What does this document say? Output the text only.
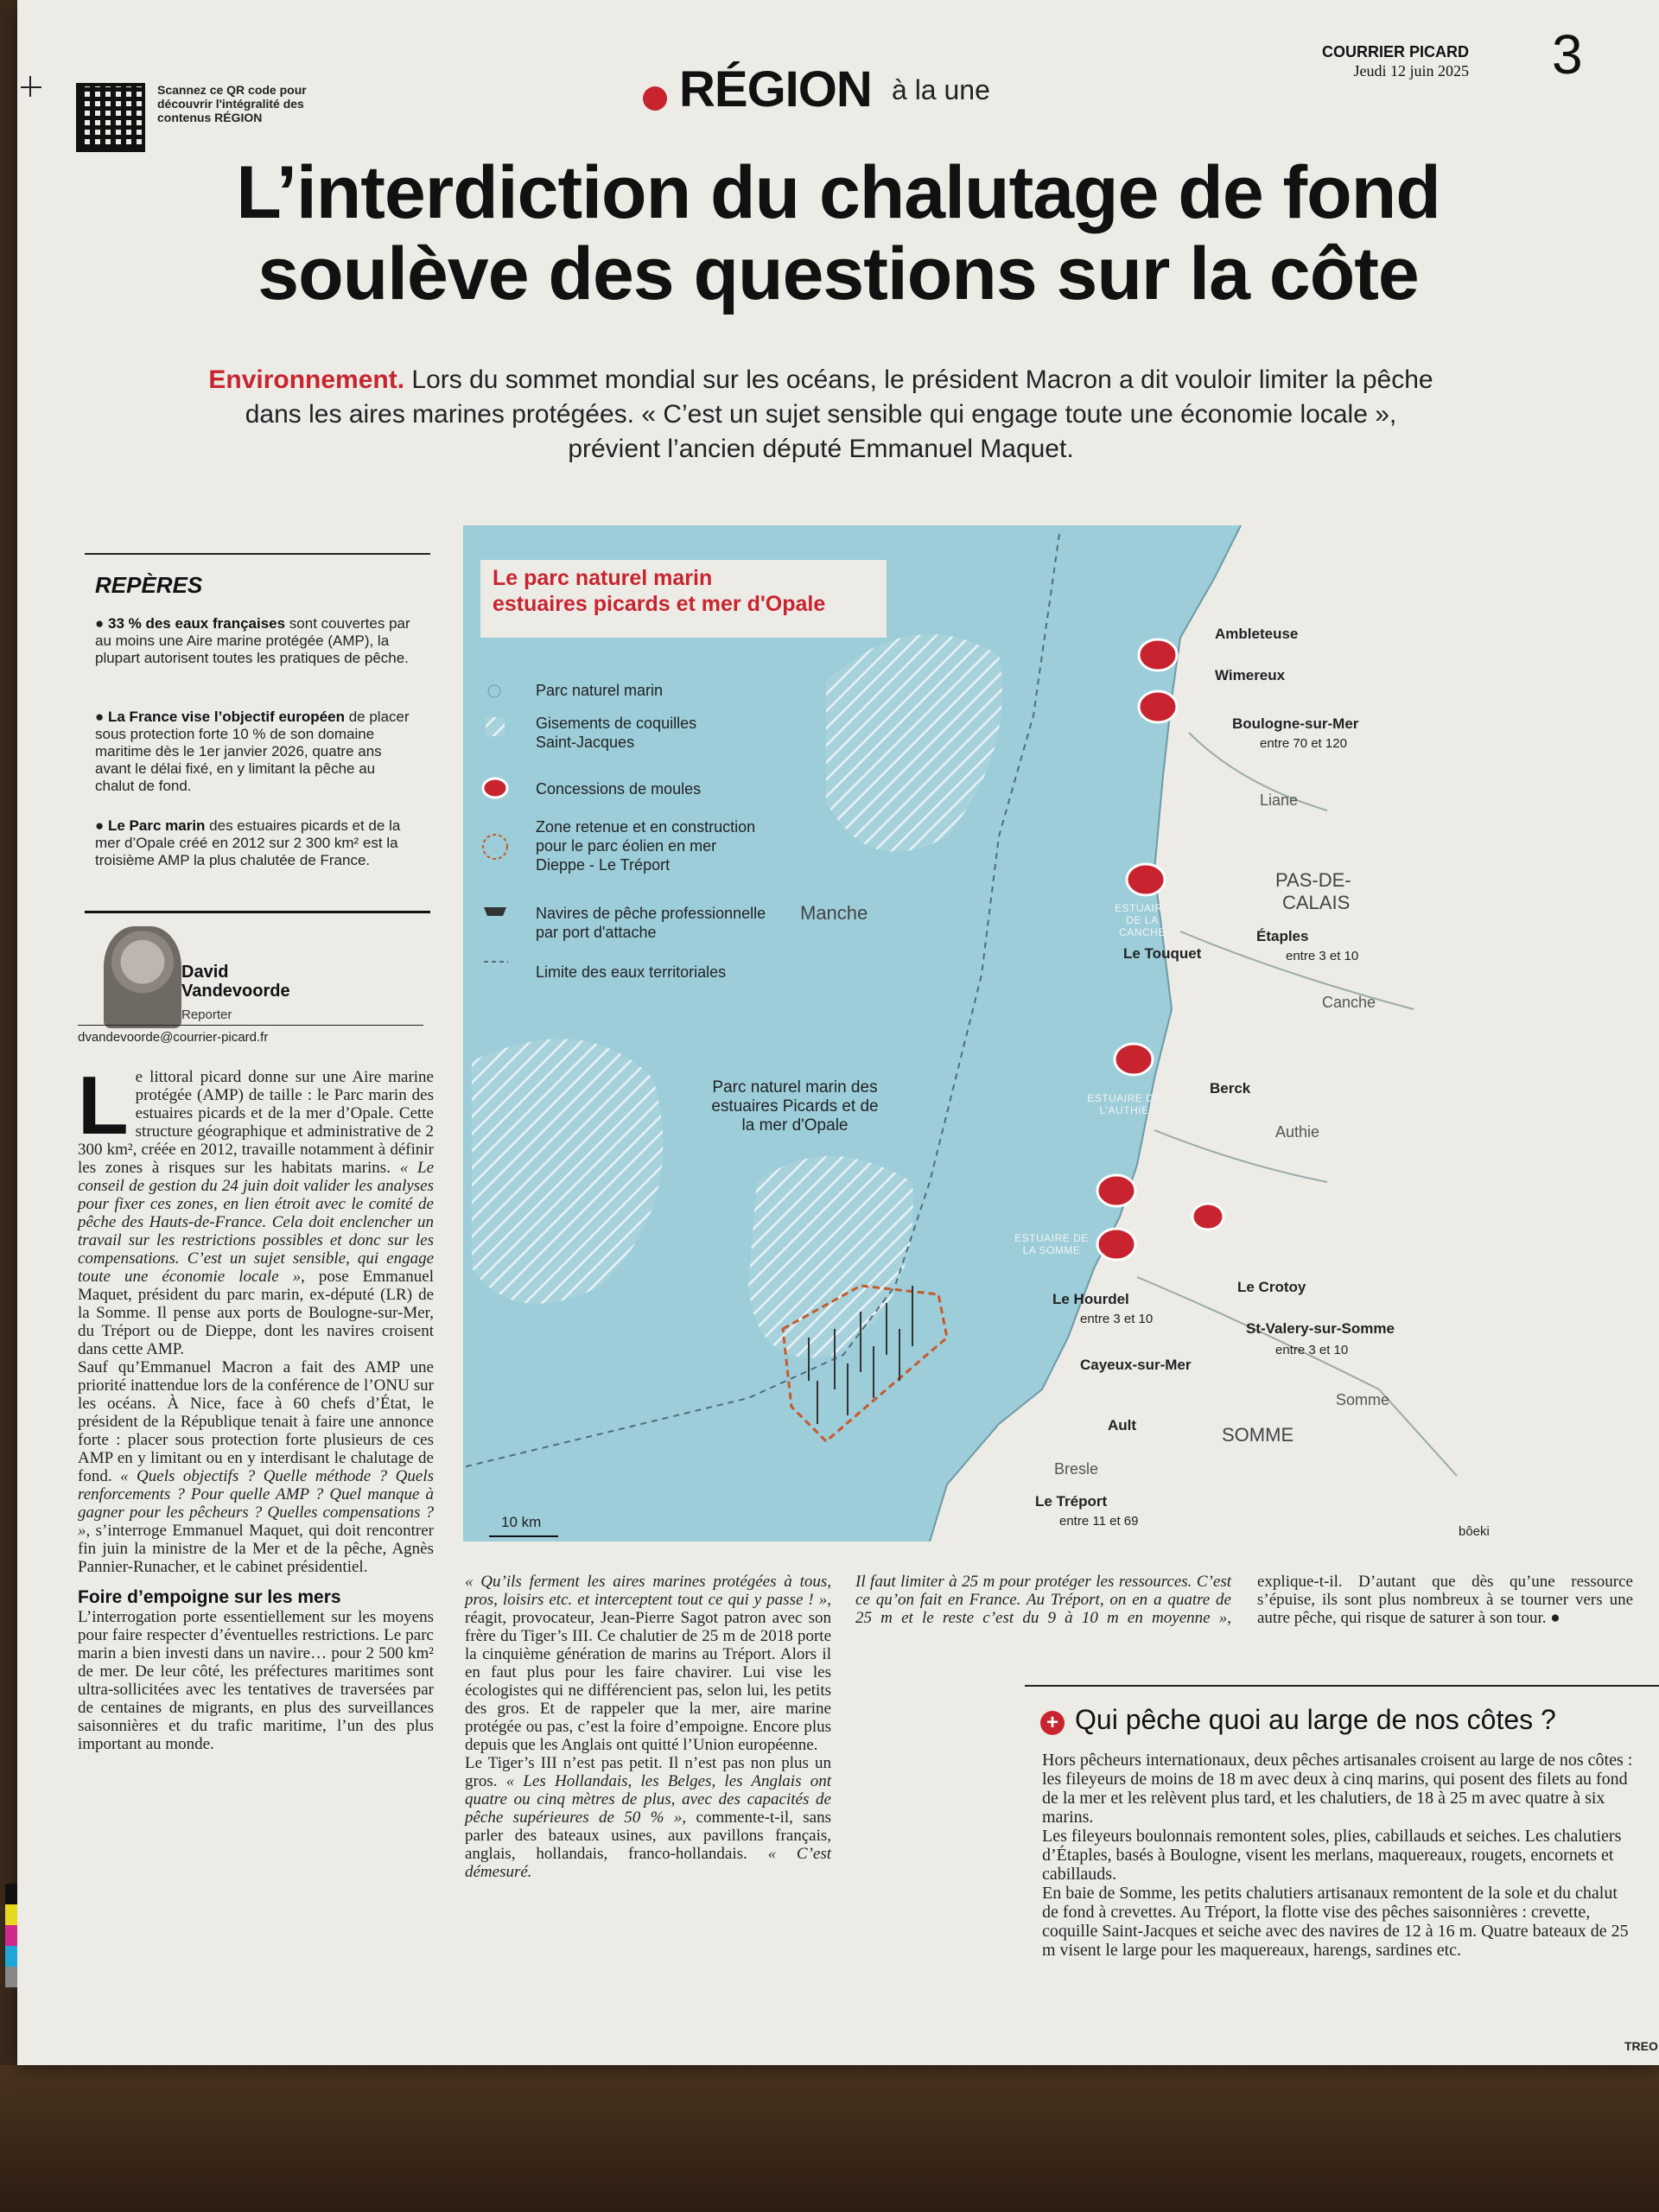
Scannez ce QR code pour découvrir l'intégralité des contenus RÉGION	RÉGION à la une
COURRIER PICARD
Jeudi 12 juin 2025 3
L’interdiction du chalutage de fond
soulève des questions sur la côte
Environnement. Lors du sommet mondial sur les océans, le président Macron a dit vouloir limiter la pêche dans les aires marines protégées. « C’est un sujet sensible qui engage toute une économie locale », prévient l’ancien député Emmanuel Maquet.
REPÈRES
● 33 % des eaux françaises sont couvertes par au moins une Aire marine protégée (AMP), la plupart autorisent toutes les pratiques de pêche.
● La France vise l’objectif européen de placer sous protection forte 10 % de son domaine maritime dès le 1er janvier 2026, quatre ans avant le délai fixé, en y limitant la pêche au chalut de fond.
● Le Parc marin des estuaires picards et de la mer d’Opale créé en 2012 sur 2 300 km² est la troisième AMP la plus chalutée de France.
David
Vandevoorde
Reporter
dvandevoorde@courrier-picard.fr
Le littoral picard donne sur une Aire marine protégée (AMP) de taille : le Parc marin des estuaires picards et de la mer d’Opale. Cette structure géographique et administrative de 2 300 km², créée en 2012, travaille notamment à définir les zones à risques sur les habitats marins. « Le conseil de gestion du 24 juin doit valider les analyses pour fixer ces zones, en lien étroit avec le comité de pêche des Hauts-de-France. Cela doit enclencher un travail sur les restrictions possibles et donc sur les compensations. C’est un sujet sensible, qui engage toute une économie locale », pose Emmanuel Maquet, président du parc marin, ex-député (LR) de la Somme. Il pense aux ports de Boulogne-sur-Mer, du Tréport ou de Dieppe, dont les navires croisent dans cette AMP.
Sauf qu’Emmanuel Macron a fait des AMP une priorité inattendue lors de la conférence de l’ONU sur les océans. À Nice, face à 60 chefs d’État, le président de la République tenait à faire une annonce forte : placer sous protection forte plusieurs de ces AMP en y limitant ou en y interdisant le chalutage de fond. « Quels objectifs ? Quelle méthode ? Quels renforcements ? Pour quelle AMP ? Quel manque à gagner pour les pêcheurs ? Quelles compensations ? », s’interroge Emmanuel Maquet, qui doit rencontrer fin juin la ministre de la Mer et de la pêche, Agnès Pannier-Runacher, et le cabinet présidentiel.
Foire d’empoigne sur les mers
L’interrogation porte essentiellement sur les moyens pour faire respecter d’éventuelles restrictions. Le parc marin a bien investi dans un navire… pour 2 500 km² de mer. De leur côté, les préfectures maritimes sont ultra-sollicitées avec les tentatives de traversées par de centaines de migrants, en plus des surveillances saisonnières et du trafic maritime, l’un des plus important au monde.
« Qu’ils ferment les aires marines protégées à tous, pros, loisirs etc. et interceptent tout ce qui y passe ! », réagit, provocateur, Jean-Pierre Sagot patron avec son frère du Tiger’s III. Ce chalutier de 25 m de 2018 porte la cinquième génération de marins au Tréport. Alors il en faut plus pour les faire chavirer. Lui vise les écologistes qui ne différencient pas, selon lui, les petits des gros. Et de rappeler que la mer, aire marine protégée ou pas, c’est la foire d’empoigne. Encore plus depuis que les Anglais ont quitté l’Union européenne.
Le Tiger’s III n’est pas petit. Il n’est pas non plus un gros. « Les Hollandais, les Belges, les Anglais ont quatre ou cinq mètres de plus, avec des capacités de pêche supérieures de 50 % », commente-t-il, sans parler des bateaux usines, aux pavillons français, anglais, hollandais, franco-hollandais. « C’est démesuré.
Il faut limiter à 25 m pour protéger les ressources. C’est ce qu’on fait en France. Au Tréport, on en a quatre de 25 m et le reste c’est du 9 à 10 m en moyenne », explique-t-il. D’autant que dès qu’une ressource s’épuise, ils sont plus nombreux à se tourner vers une autre pêche, qui risque de saturer à son tour. ●
Le parc naturel marin
estuaires picards et mer d'Opale
Parc naturel marin
Gisements de coquilles Saint-Jacques
Concessions de moules
Zone retenue et en construction pour le parc éolien en mer Dieppe - Le Tréport
Navires de pêche professionnelle par port d'attache
Limite des eaux territoriales
Manche
Parc naturel marin des estuaires Picards et de la mer d'Opale
Ambleteuse
Wimereux
Boulogne-sur-Mer
entre 70 et 120
Liane
ESTUAIRE DE LA CANCHE
PAS-DE-
CALAIS
Étaples
entre 3 et 10
Le Touquet
Canche
ESTUAIRE DE L'AUTHIE
Berck
Authie
ESTUAIRE DE LA SOMME
Le Crotoy
Le Hourdel
entre 3 et 10
St-Valery-sur-Somme
entre 3 et 10
Cayeux-sur-Mer
Ault	SOMME
Somme
Bresle
Le Tréport
entre 11 et 69
10 km
bôeki
+ Qui pêche quoi au large de nos côtes ?
Hors pêcheurs internationaux, deux pêches artisanales croisent au large de nos côtes : les fileyeurs de moins de 18 m avec deux à cinq marins, qui posent des filets au fond de la mer et les relèvent plus tard, et les chalutiers, de 18 à 25 m avec quatre à six marins.
Les fileyeurs boulonnais remontent soles, plies, cabillauds et seiches. Les chalutiers d’Étaples, basés à Boulogne, visent les merlans, maquereaux, rougets, encornets et cabillauds.
En baie de Somme, les petits chalutiers artisanaux remontent de la sole et du chalut de fond à crevettes. Au Tréport, la flotte vise des pêches saisonnières : crevette, coquille Saint-Jacques et seiche avec des navires de 12 à 16 m. Quatre bateaux de 25 m visent le large pour les maquereaux, harengs, sardines etc.
TREO
